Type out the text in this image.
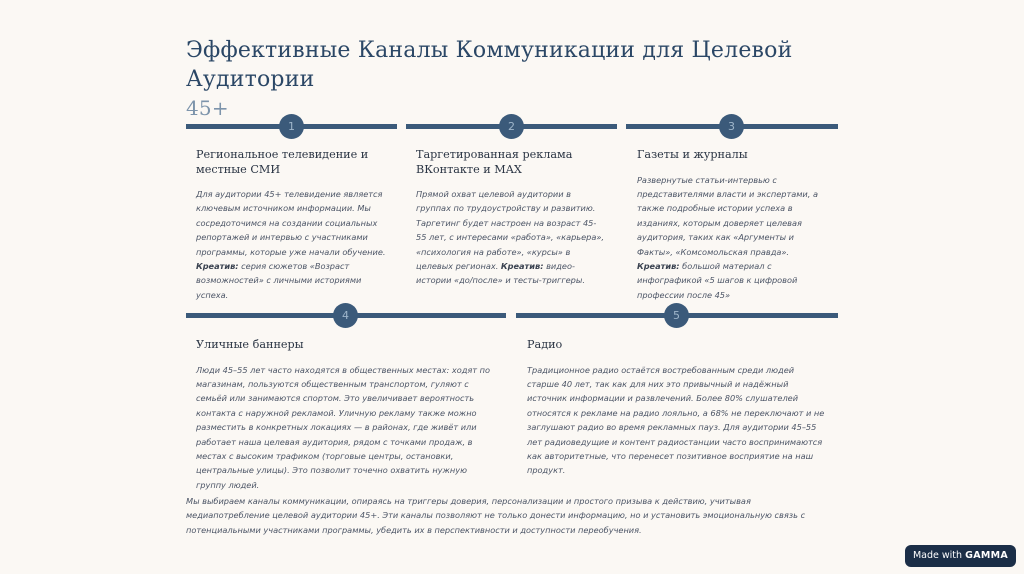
Эффективные Каналы Коммуникации для Целевой Аудитории
45+
1	2	3
4	5
Региональное телевидение и местные СМИ

Для аудитории 45+ телевидение является ключевым источником информации. Мы сосредоточимся на создании социальных репортажей и интервью с участниками программы, которые уже начали обучение. Креатив: серия сюжетов «Возраст возможностей» с личными историями успеха.

Таргетированная реклама ВКонтакте и MAX

Прямой охват целевой аудитории в группах по трудоустройству и развитию. Таргетинг будет настроен на возраст 45-55 лет, с интересами «работа», «карьера», «психология на работе», «курсы» в целевых регионах. Креатив: видео-истории «до/после» и тесты-триггеры.

Газеты и журналы

Развернутые статьи-интервью с представителями власти и экспертами, а также подробные истории успеха в изданиях, которым доверяет целевая аудитория, таких как «Аргументы и Факты», «Комсомольская правда». Креатив: большой материал с инфографикой «5 шагов к цифровой профессии после 45»

Уличные баннеры

Люди 45–55 лет часто находятся в общественных местах: ходят по магазинам, пользуются общественным транспортом, гуляют с семьёй или занимаются спортом. Это увеличивает вероятность контакта с наружной рекламой. Уличную рекламу также можно разместить в конкретных локациях — в районах, где живёт или работает наша целевая аудитория, рядом с точками продаж, в местах с высоким трафиком (торговые центры, остановки, центральные улицы). Это позволит точечно охватить нужную группу людей.

Радио

Традиционное радио остаётся востребованным среди людей старше 40 лет, так как для них это привычный и надёжный источник информации и развлечений. Более 80% слушателей относятся к рекламе на радио лояльно, а 68% не переключают и не заглушают радио во время рекламных пауз. Для аудитории 45–55 лет радиоведущие и контент радиостанции часто воспринимаются как авторитетные, что перенесет позитивное восприятие на наш продукт.

Мы выбираем каналы коммуникации, опираясь на триггеры доверия, персонализации и простого призыва к действию, учитывая медиапотребление целевой аудитории 45+. Эти каналы позволяют не только донести информацию, но и установить эмоциональную связь с потенциальными участниками программы, убедить их в перспективности и доступности переобучения.

Made with GAMMA
